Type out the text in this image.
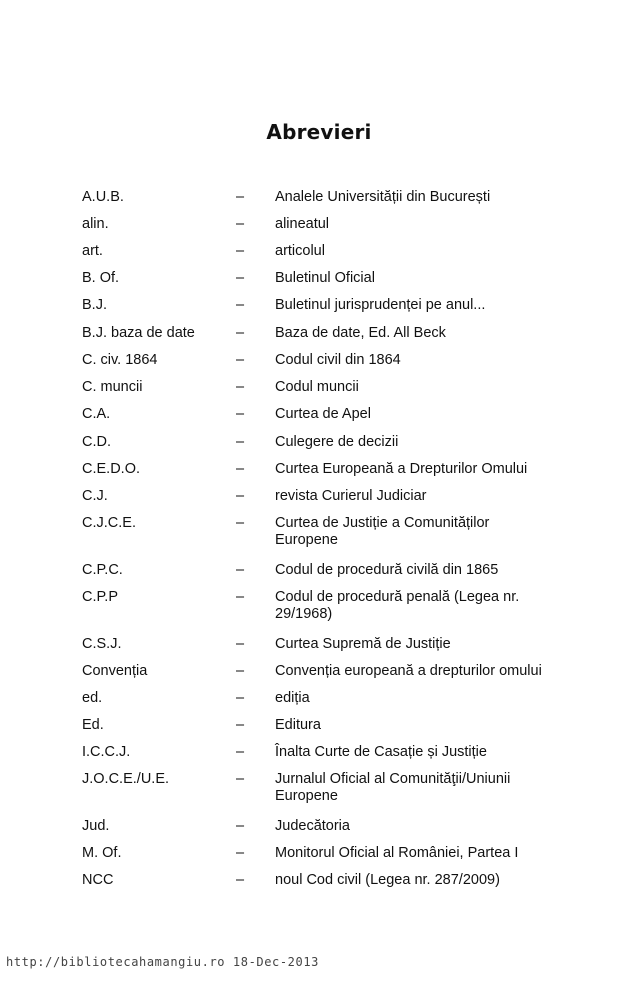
Abrevieri
A.U.B.	– Analele Universității din București
alin.	– alineatul
art.	– articolul
B. Of.	– Buletinul Oficial
B.J.	– Buletinul jurisprudenței pe anul...
B.J. baza de date	– Baza de date, Ed. All Beck
C. civ. 1864	– Codul civil din 1864
C. muncii	– Codul muncii
C.A.	– Curtea de Apel
C.D.	– Culegere de decizii
C.E.D.O.	– Curtea Europeană a Drepturilor Omului
C.J.	– revista Curierul Judiciar
C.J.C.E.	– Curtea de Justiție a Comunităților Europene
C.P.C.	– Codul de procedură civilă din 1865
C.P.P	– Codul de procedură penală (Legea nr. 29/1968)
C.S.J.	– Curtea Supremă de Justiție
Convenția	– Convenția europeană a drepturilor omului
ed.	– ediția
Ed.	– Editura
I.C.C.J.	– Înalta Curte de Casație și Justiție
J.O.C.E./U.E.	– Jurnalul Oficial al Comunităţii/Uniunii Europene
Jud.	– Judecătoria
M. Of.	– Monitorul Oficial al României, Partea I
NCC	– noul Cod civil (Legea nr. 287/2009)
http://bibliotecahamangiu.ro 18-Dec-2013
